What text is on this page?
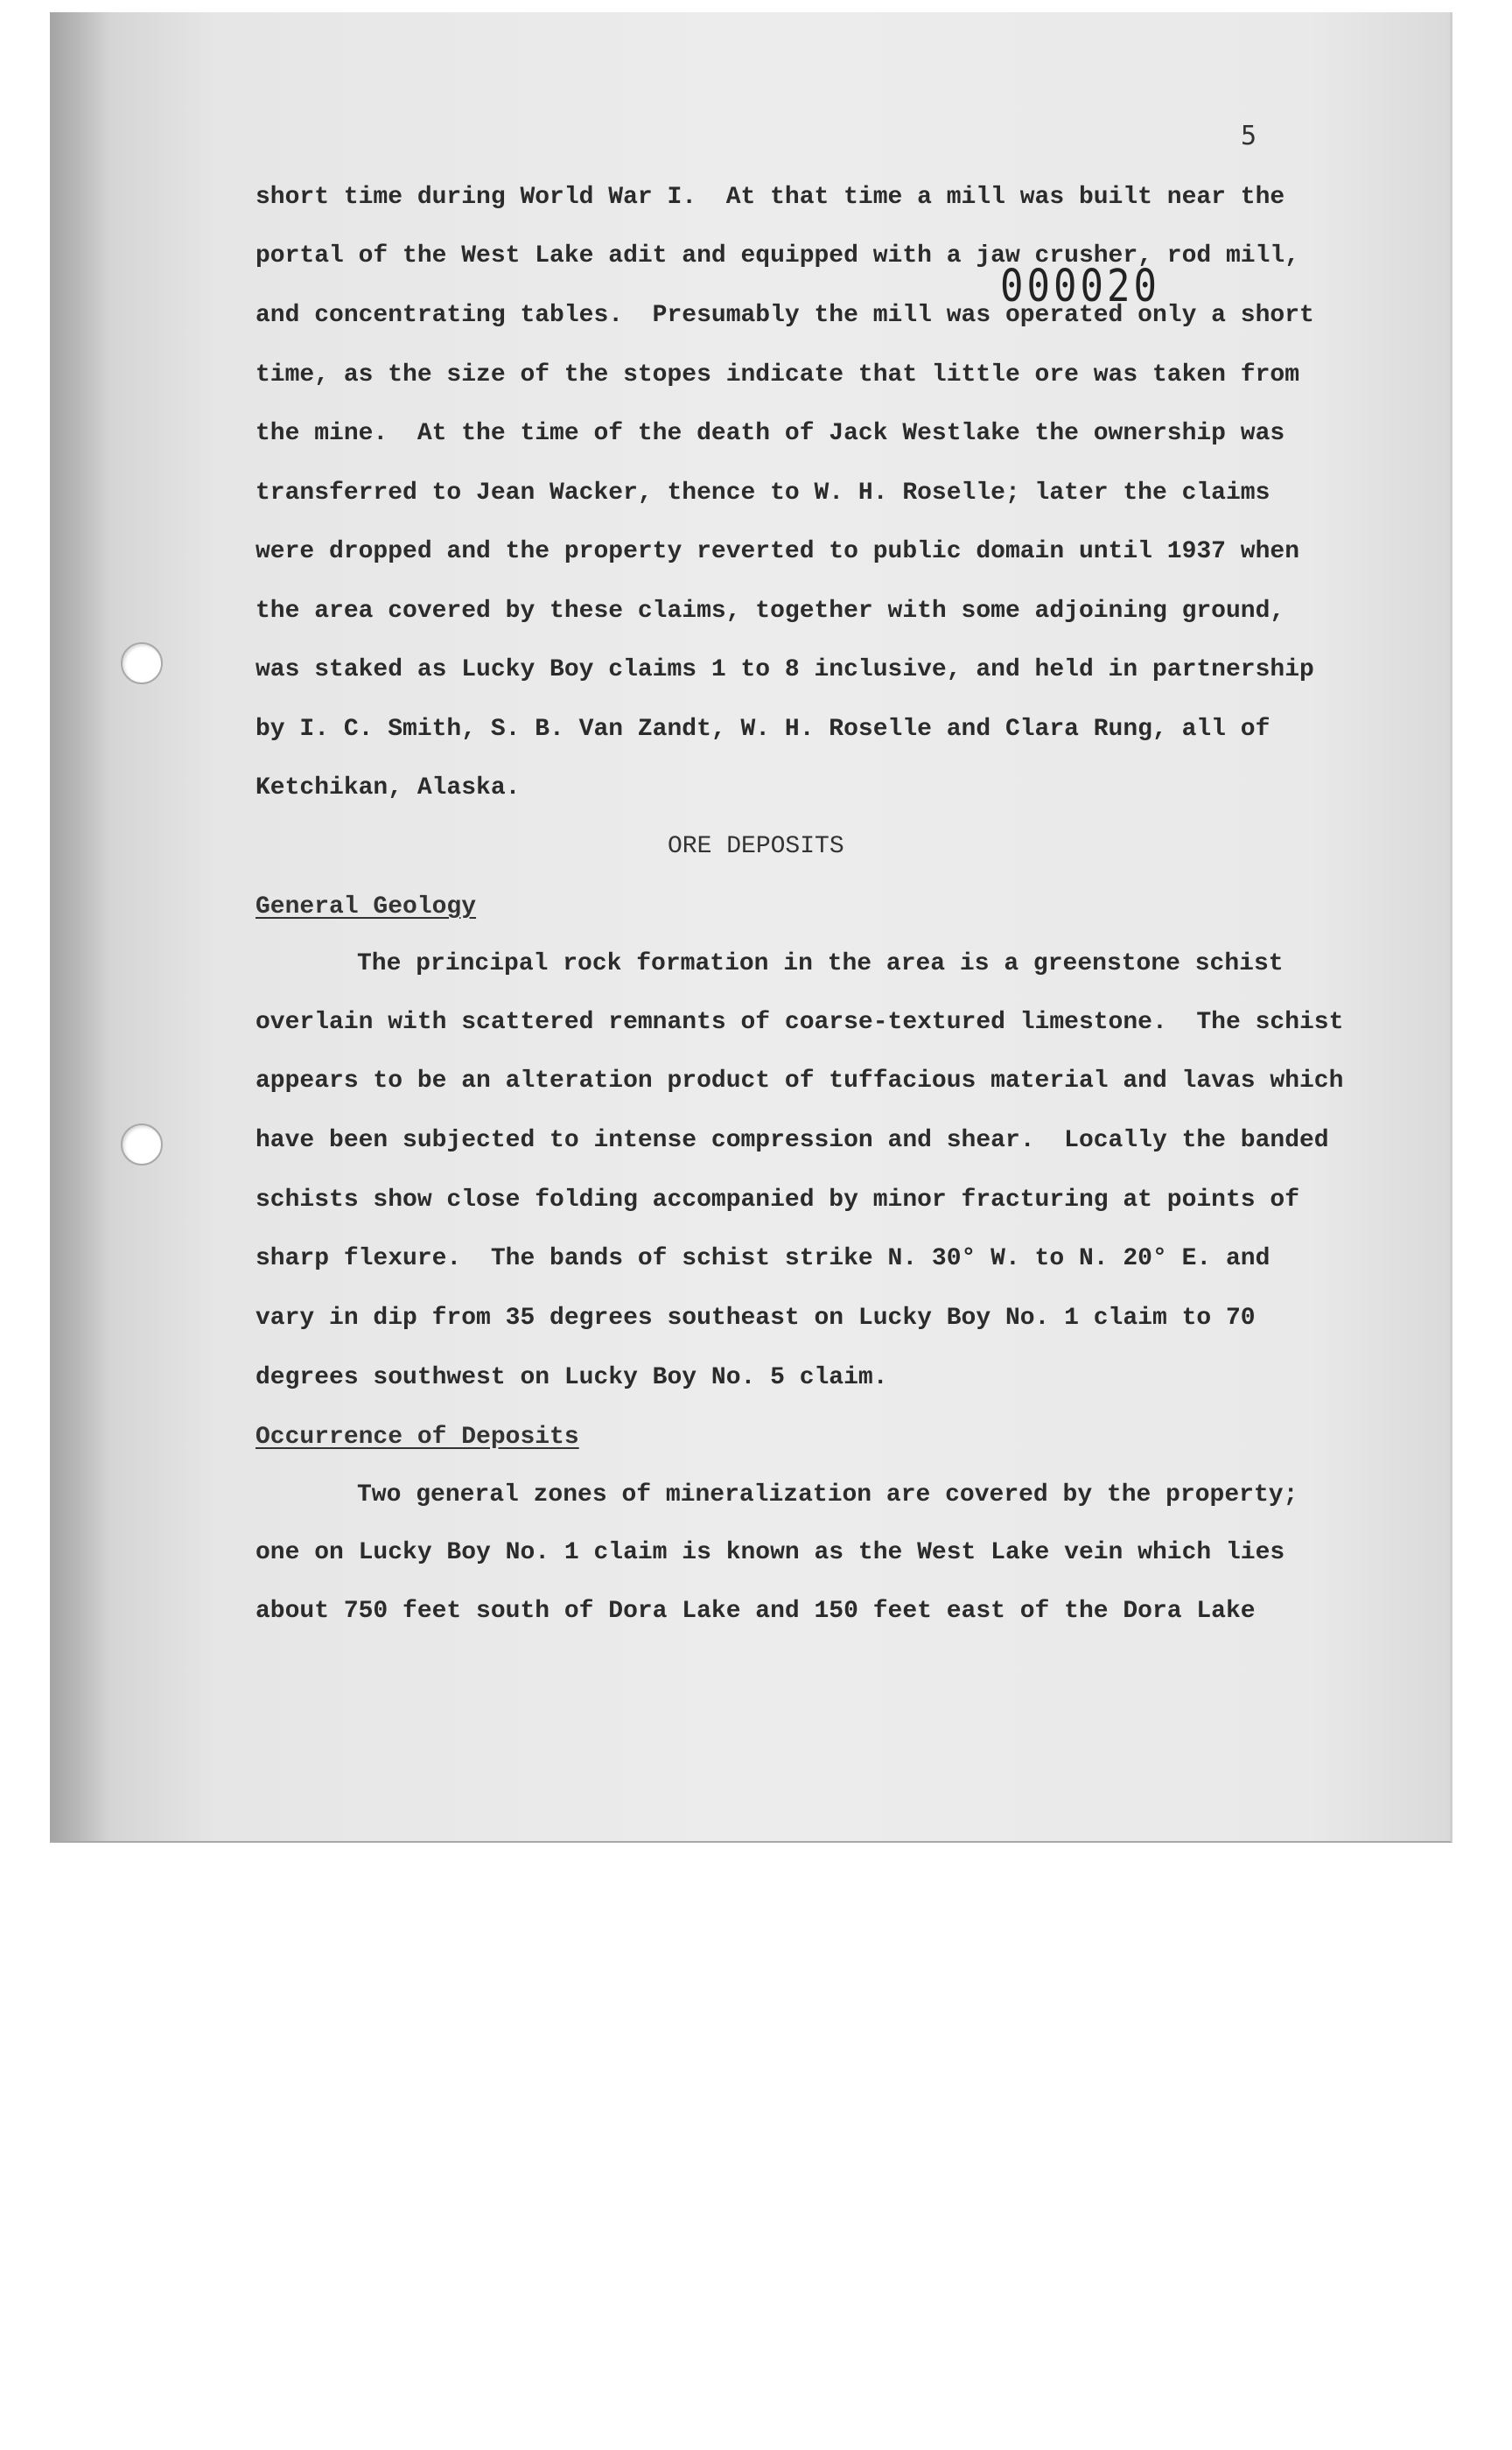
5
000020
short time during World War I.  At that time a mill was built near the
portal of the West Lake adit and equipped with a jaw crusher, rod mill,
and concentrating tables.  Presumably the mill was operated only a short
time, as the size of the stopes indicate that little ore was taken from
the mine.  At the time of the death of Jack Westlake the ownership was
transferred to Jean Wacker, thence to W. H. Roselle; later the claims
were dropped and the property reverted to public domain until 1937 when
the area covered by these claims, together with some adjoining ground,
was staked as Lucky Boy claims 1 to 8 inclusive, and held in partnership
by I. C. Smith, S. B. Van Zandt, W. H. Roselle and Clara Rung, all of
Ketchikan, Alaska.
ORE DEPOSITS
General Geology
The principal rock formation in the area is a greenstone schist
overlain with scattered remnants of coarse-textured limestone.  The schist
appears to be an alteration product of tuffacious material and lavas which
have been subjected to intense compression and shear.  Locally the banded
schists show close folding accompanied by minor fracturing at points of
sharp flexure.  The bands of schist strike N. 30° W. to N. 20° E. and
vary in dip from 35 degrees southeast on Lucky Boy No. 1 claim to 70
degrees southwest on Lucky Boy No. 5 claim.
Occurrence of Deposits
Two general zones of mineralization are covered by the property;
one on Lucky Boy No. 1 claim is known as the West Lake vein which lies
about 750 feet south of Dora Lake and 150 feet east of the Dora Lake
